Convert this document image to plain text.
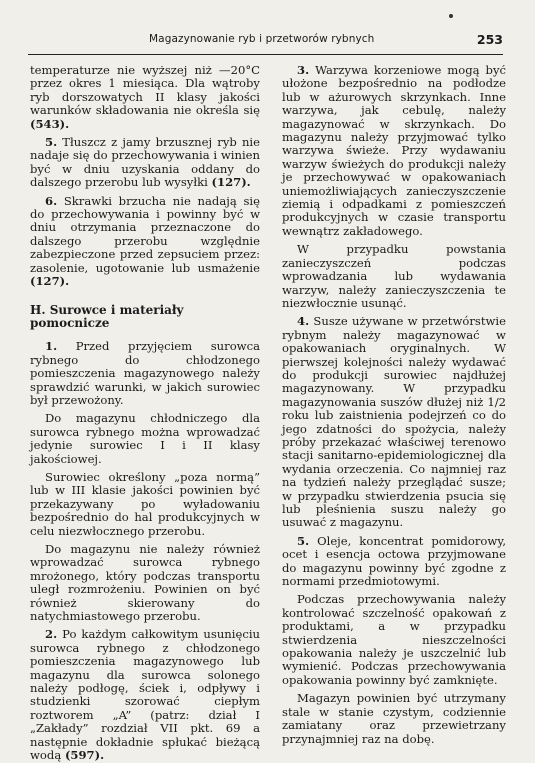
Magazynowanie ryb i przetworów rybnych	253

temperaturze nie wyższej niż —20°C przez okres 1 miesiąca. Dla wątroby ryb dorszowatych II klasy jakości warunków składowania nie określa się (543).

5. Tłuszcz z jamy brzusznej ryb nie nadaje się do przechowywania i winien być w dniu uzyskania oddany do dalszego przerobu lub wysyłki (127).

6. Skrawki brzucha nie nadają się do przechowywania i powinny być w dniu otrzymania przeznaczone do dalszego przerobu względnie zabezpieczone przed zepsuciem przez: zasolenie, ugotowanie lub usmażenie (127).

H. Surowce i materiały pomocnicze

1. Przed przyjęciem surowca rybnego do chłodzonego pomieszczenia magazynowego należy sprawdzić warunki, w jakich surowiec był przewożony.

Do magazynu chłodniczego dla surowca rybnego można wprowadzać jedynie surowiec I i II klasy jakościowej.

Surowiec określony „poza normą” lub w III klasie jakości powinien być przekazywany po wyładowaniu bezpośrednio do hal produkcyjnych w celu niezwłocznego przerobu.

Do magazynu nie należy również wprowadzać surowca rybnego mrożonego, który podczas transportu uległ rozmrożeniu. Powinien on być również skierowany do natychmiastowego przerobu.

2. Po każdym całkowitym usunięciu surowca rybnego z chłodzonego pomieszczenia magazynowego lub magazynu dla surowca solonego należy podłogę, ściek i, odpływy i studzienki szorować ciepłym roztworem „A” (patrz: dział I „Zakłady” rozdział VII pkt. 69 a następnie dokładnie spłukać bieżącą wodą (597).

3. Warzywa korzeniowe mogą być ułożone bezpośrednio na podłodze lub w ażurowych skrzynkach. Inne warzywa, jak cebulę, należy magazynować w skrzynkach. Do magazynu należy przyjmować tylko warzywa świeże. Przy wydawaniu warzyw świeżych do produkcji należy je przechowywać w opakowaniach uniemożliwiających zanieczyszczenie ziemią i odpadkami z pomieszczeń produkcyjnych w czasie transportu wewnątrz zakładowego.

W przypadku powstania zanieczyszczeń podczas wprowadzania lub wydawania warzyw, należy zanieczyszczenia te niezwłocznie usunąć.

4. Susze używane w przetwórstwie rybnym należy magazynować w opakowaniach oryginalnych. W pierwszej kolejności należy wydawać do produkcji surowiec najdłużej magazynowany. W przypadku magazynowania suszów dłużej niż 1/2 roku lub zaistnienia podejrzeń co do jego zdatności do spożycia, należy próby przekazać właściwej terenowo stacji sanitarno-epidemiologicznej dla wydania orzeczenia. Co najmniej raz na tydzień należy przeglądać susze; w przypadku stwierdzenia psucia się lub pleśnienia suszu należy go usuwać z magazynu.

5. Oleje, koncentrat pomidorowy, ocet i esencja octowa przyjmowane do magazynu powinny być zgodne z normami przedmiotowymi.

Podczas przechowywania należy kontrolować szczelność opakowań z produktami, a w przypadku stwierdzenia nieszczelności opakowania należy je uszczelnić lub wymienić. Podczas przechowywania opakowania powinny być zamknięte.

Magazyn powinien być utrzymany stale w stanie czystym, codziennie zamiatany oraz przewietrzany przynajmniej raz na dobę.
